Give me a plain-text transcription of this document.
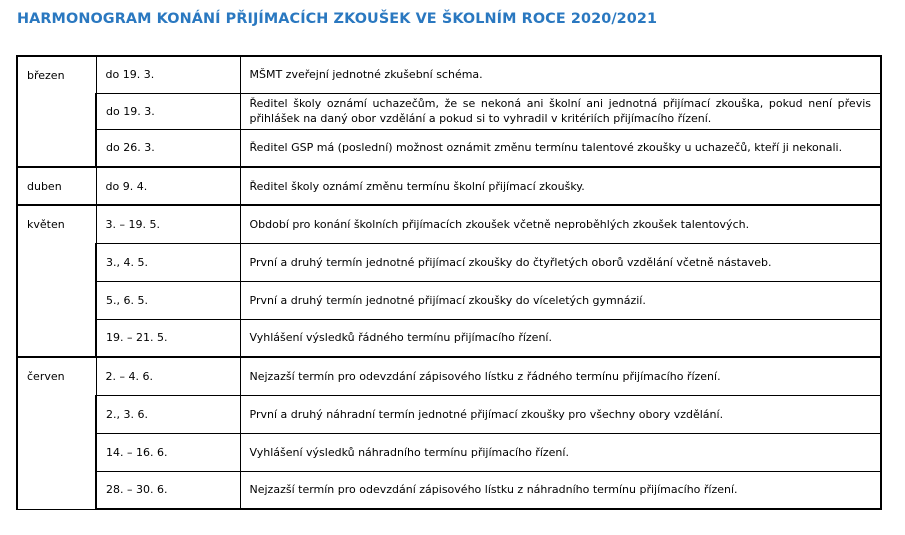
HARMONOGRAM KONÁNÍ PŘIJÍMACÍCH ZKOUŠEK VE ŠKOLNÍM ROCE 2020/2021
březen	do 19. 3.	MŠMT zveřejní jednotné zkušební schéma.
	do 19. 3.	Ředitel školy oznámí uchazečům, že se nekoná ani školní ani jednotná přijímací zkouška, pokud není převis přihlášek na daný obor vzdělání a pokud si to vyhradil v kritériích přijímacího řízení.
	do 26. 3.	Ředitel GSP má (poslední) možnost oznámit změnu termínu talentové zkoušky u uchazečů, kteří ji nekonali.
duben	do 9. 4.	Ředitel školy oznámí změnu termínu školní přijímací zkoušky.
květen	3. – 19. 5.	Období pro konání školních přijímacích zkoušek včetně neproběhlých zkoušek talentových.
	3., 4. 5.	První a druhý termín jednotné přijímací zkoušky do čtyřletých oborů vzdělání včetně nástaveb.
	5., 6. 5.	První a druhý termín jednotné přijímací zkoušky do víceletých gymnázií.
	19. – 21. 5.	Vyhlášení výsledků řádného termínu přijímacího řízení.
červen	2. – 4. 6.	Nejzazší termín pro odevzdání zápisového lístku z řádného termínu přijímacího řízení.
	2., 3. 6.	První a druhý náhradní termín jednotné přijímací zkoušky pro všechny obory vzdělání.
	14. – 16. 6.	Vyhlášení výsledků náhradního termínu přijímacího řízení.
	28. – 30. 6.	Nejzazší termín pro odevzdání zápisového lístku z náhradního termínu přijímacího řízení.
